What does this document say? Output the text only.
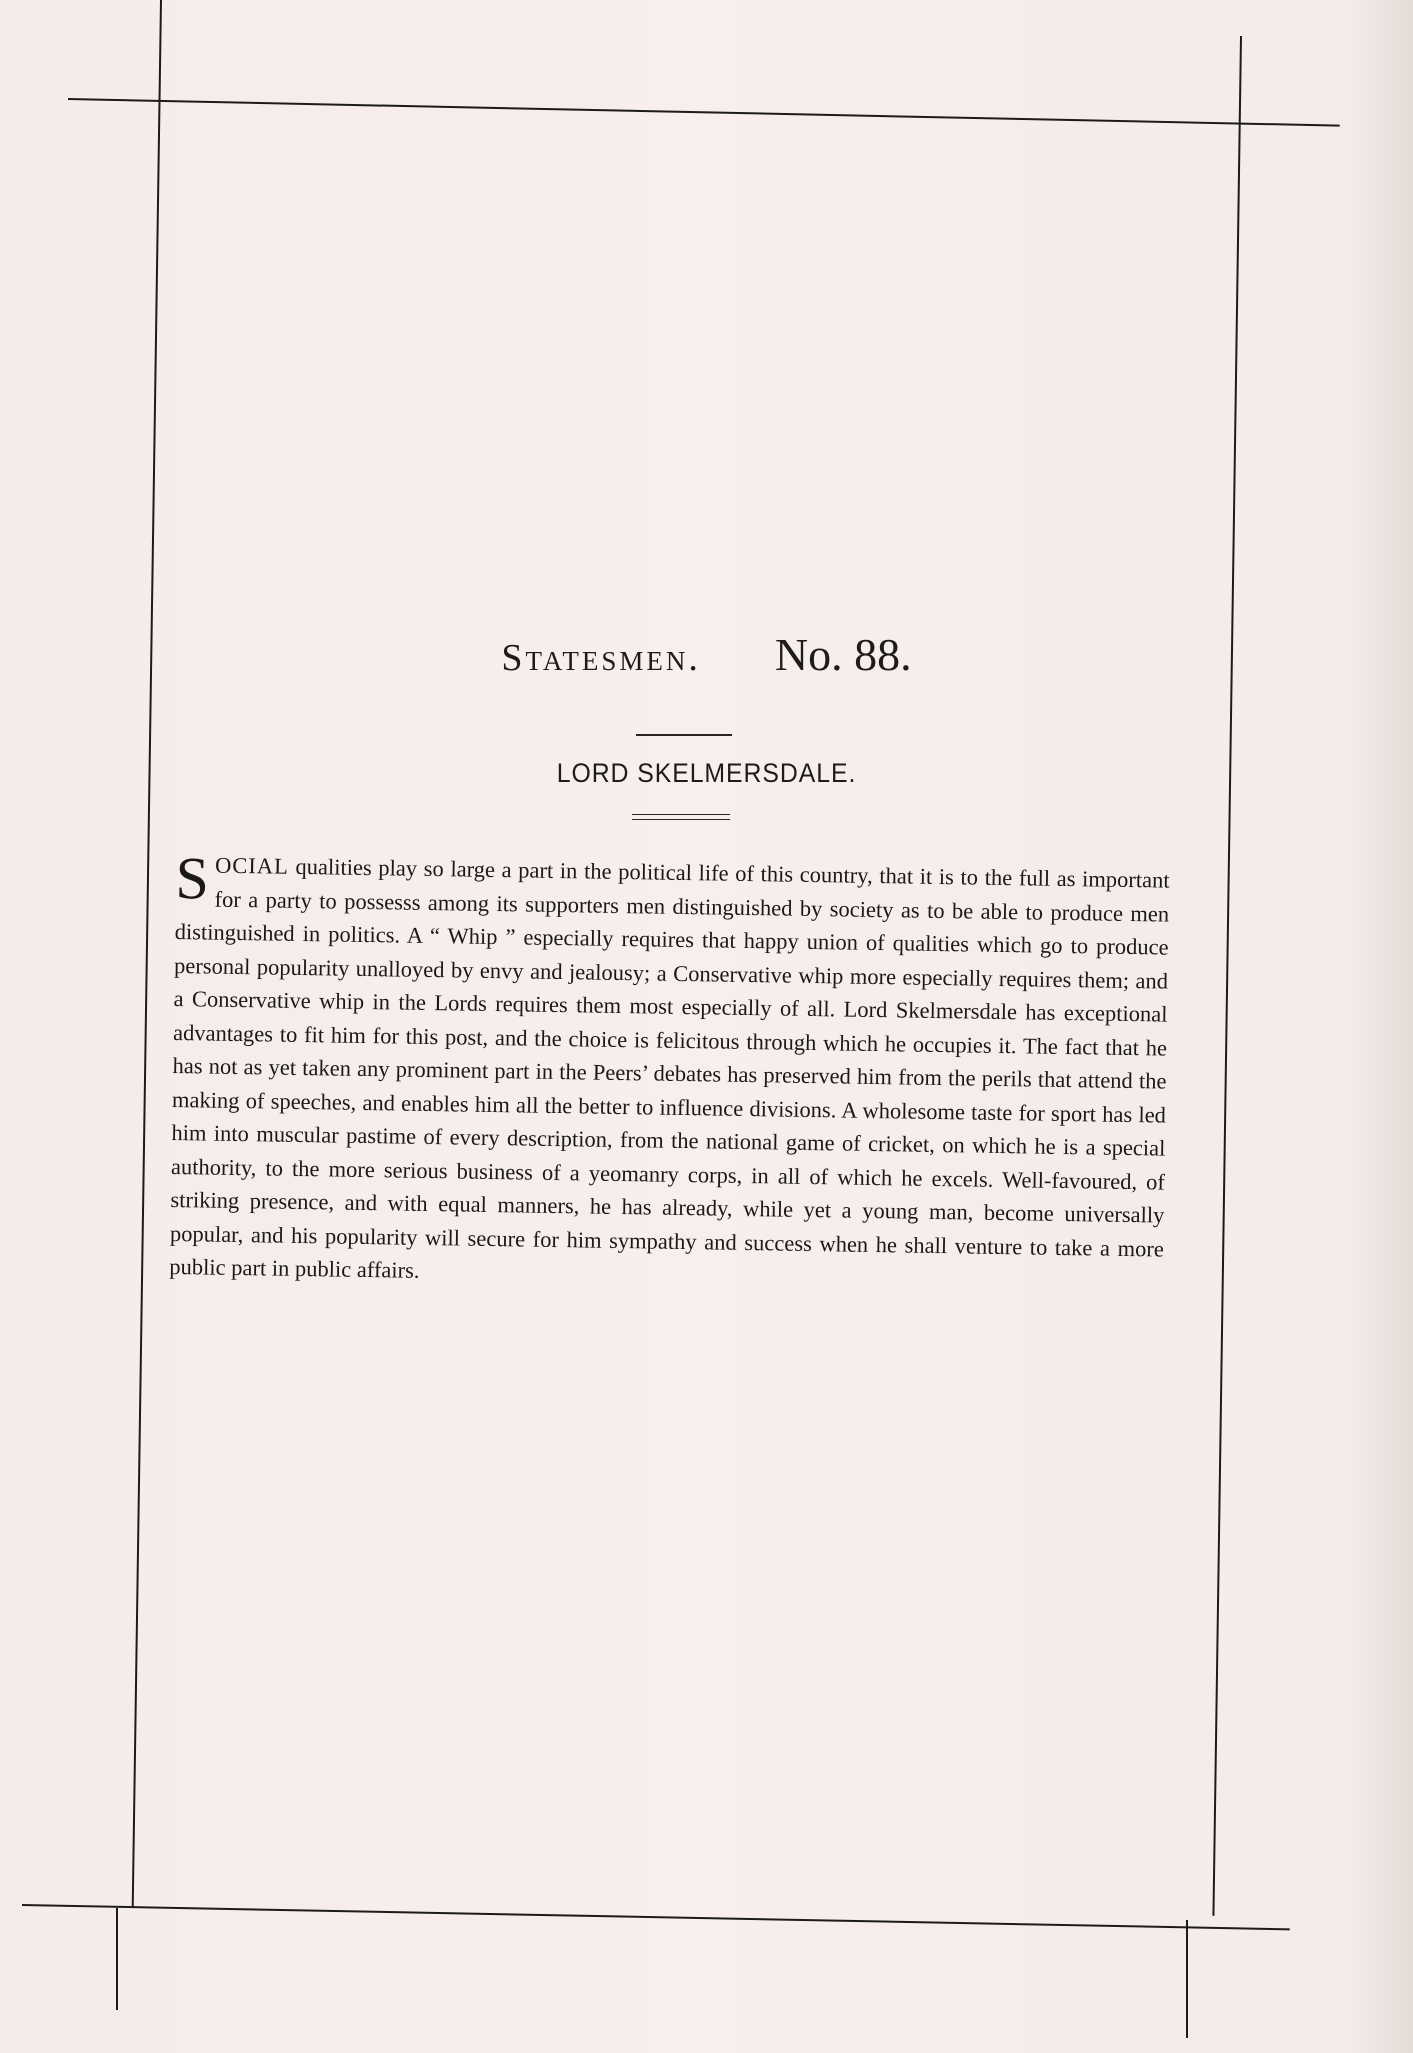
Statesmen. No. 88.
LORD SKELMERSDALE.
SOCIAL qualities play so large a part in the political life of this country, that it is to the full as important for a party to possesss among its supporters men distinguished by society as to be able to produce men distinguished in politics. A “ Whip ” especially requires that happy union of qualities which go to produce personal popularity unalloyed by envy and jealousy; a Conservative whip more especially requires them; and a Conservative whip in the Lords requires them most especially of all. Lord Skelmersdale has exceptional advantages to fit him for this post, and the choice is felicitous through which he occupies it. The fact that he has not as yet taken any prominent part in the Peers’ debates has preserved him from the perils that attend the making of speeches, and enables him all the better to influence divisions. A wholesome taste for sport has led him into muscular pastime of every description, from the national game of cricket, on which he is a special authority, to the more serious business of a yeomanry corps, in all of which he excels. Well-favoured, of striking presence, and with equal manners, he has already, while yet a young man, become universally popular, and his popularity will secure for him sympathy and success when he shall venture to take a more public part in public affairs.
